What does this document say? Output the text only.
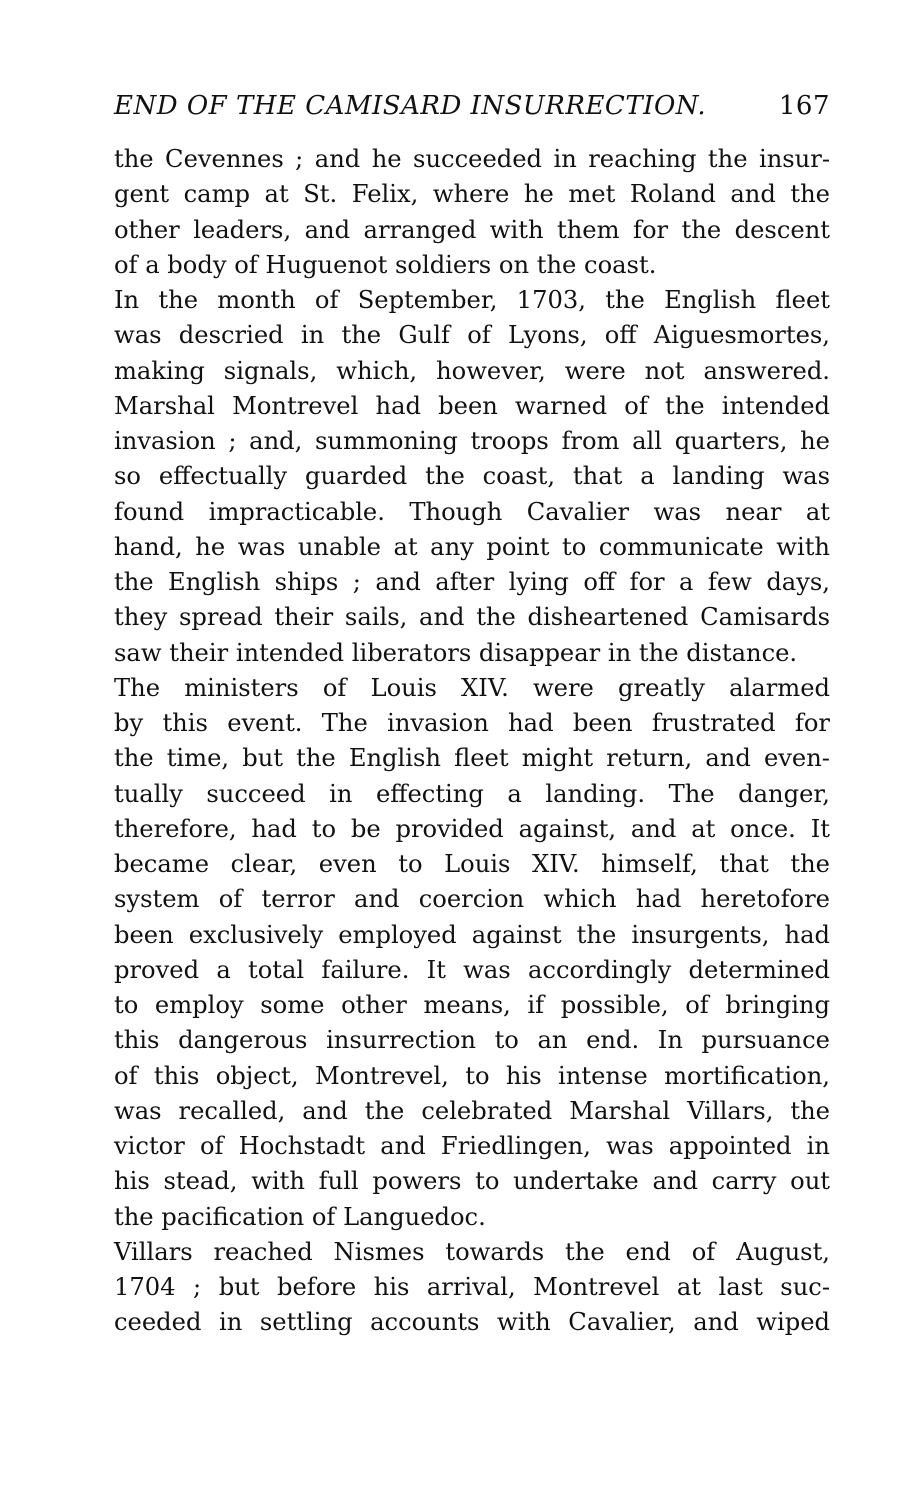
END OF THE CAMISARD INSURRECTION.	167
the Cevennes ; and he succeeded in reaching the insur-
gent camp at St. Felix, where he met Roland and the
other leaders, and arranged with them for the descent
of a body of Huguenot soldiers on the coast.
In the month of September, 1703, the English fleet
was descried in the Gulf of Lyons, off Aiguesmortes,
making signals, which, however, were not answered.
Marshal Montrevel had been warned of the intended
invasion ; and, summoning troops from all quarters, he
so effectually guarded the coast, that a landing was
found impracticable. Though Cavalier was near at
hand, he was unable at any point to communicate with
the English ships ; and after lying off for a few days,
they spread their sails, and the disheartened Camisards
saw their intended liberators disappear in the distance.
The ministers of Louis XIV. were greatly alarmed
by this event. The invasion had been frustrated for
the time, but the English fleet might return, and even-
tually succeed in effecting a landing. The danger,
therefore, had to be provided against, and at once. It
became clear, even to Louis XIV. himself, that the
system of terror and coercion which had heretofore
been exclusively employed against the insurgents, had
proved a total failure. It was accordingly determined
to employ some other means, if possible, of bringing
this dangerous insurrection to an end. In pursuance
of this object, Montrevel, to his intense mortification,
was recalled, and the celebrated Marshal Villars, the
victor of Hochstadt and Friedlingen, was appointed in
his stead, with full powers to undertake and carry out
the pacification of Languedoc.
Villars reached Nismes towards the end of August,
1704 ; but before his arrival, Montrevel at last suc-
ceeded in settling accounts with Cavalier, and wiped
